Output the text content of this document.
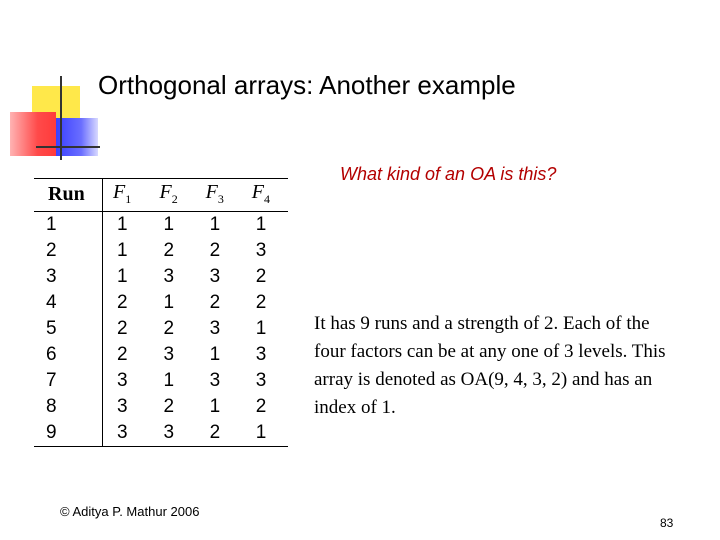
Orthogonal arrays: Another example
What kind of an OA is this?
Run	$F_1$	$F_2$	$F_3$	$F_4$
1	1	1	1	1
2	1	2	2	3
3	1	3	3	2
4	2	1	2	2
5	2	2	3	1
6	2	3	1	3
7	3	1	3	3
8	3	2	1	2
9	3	3	2	1
It has 9 runs and a strength of 2. Each of the four factors can be at any one of 3 levels. This array is denoted as OA(9, 4, 3, 2) and has an index of 1.
© Aditya P. Mathur 2006
83
